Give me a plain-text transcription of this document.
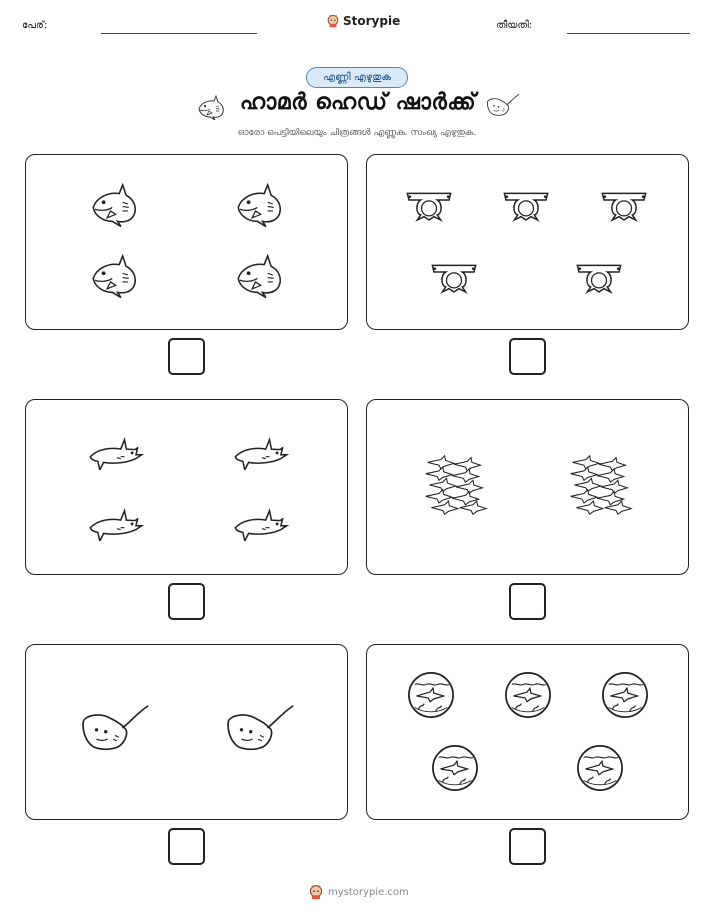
പേര്:	Storypie	തീയതി:
എണ്ണി എഴുതുക
ഹാമർ ഹെഡ് ഷാർക്ക്
ഓരോ പെട്ടിയിലെയും ചിത്രങ്ങൾ എണ്ണുക. സംഖ്യ എഴുതുക.
mystorypie.com
